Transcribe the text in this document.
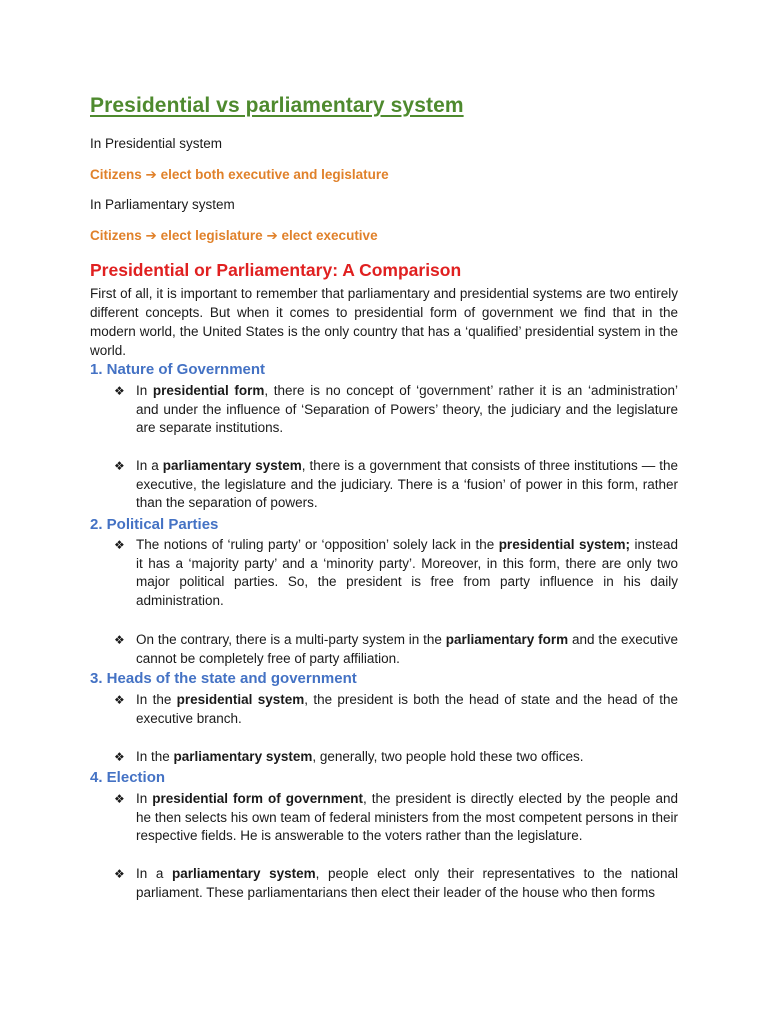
Presidential vs parliamentary system
In Presidential system
Citizens ➔ elect both executive and legislature
In Parliamentary system
Citizens ➔ elect legislature ➔ elect executive
Presidential or Parliamentary: A Comparison
First of all, it is important to remember that parliamentary and presidential systems are two entirely different concepts. But when it comes to presidential form of government we find that in the modern world, the United States is the only country that has a ‘qualified’ presidential system in the world.
1. Nature of Government
❖ In presidential form, there is no concept of ‘government’ rather it is an ‘administration’ and under the influence of ‘Separation of Powers’ theory, the judiciary and the legislature are separate institutions.
❖ In a parliamentary system, there is a government that consists of three institutions — the executive, the legislature and the judiciary. There is a ‘fusion’ of power in this form, rather than the separation of powers.
2. Political Parties
❖ The notions of ‘ruling party’ or ‘opposition’ solely lack in the presidential system; instead it has a ‘majority party’ and a ‘minority party’. Moreover, in this form, there are only two major political parties. So, the president is free from party influence in his daily administration.
❖ On the contrary, there is a multi-party system in the parliamentary form and the executive cannot be completely free of party affiliation.
3. Heads of the state and government
❖ In the presidential system, the president is both the head of state and the head of the executive branch.
❖ In the parliamentary system, generally, two people hold these two offices.
4. Election
❖ In presidential form of government, the president is directly elected by the people and he then selects his own team of federal ministers from the most competent persons in their respective fields. He is answerable to the voters rather than the legislature.
❖ In a parliamentary system, people elect only their representatives to the national parliament. These parliamentarians then elect their leader of the house who then forms
